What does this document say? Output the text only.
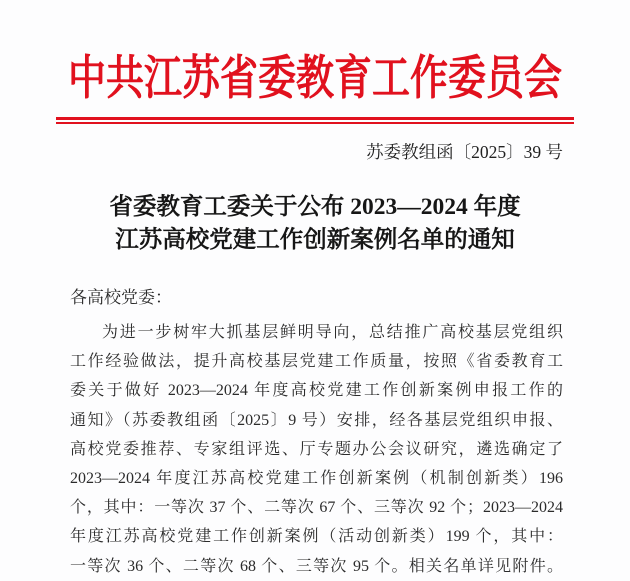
中共江苏省委教育工作委员会
苏委教组函〔2025〕39 号
省委教育工委关于公布 2023—2024 年度
江苏高校党建工作创新案例名单的通知
各高校党委：
为进一步树牢大抓基层鲜明导向，总结推广高校基层党组织
工作经验做法，提升高校基层党建工作质量，按照《省委教育工
委关于做好 2023—2024 年度高校党建工作创新案例申报工作的
通知》（苏委教组函〔2025〕9 号）安排，经各基层党组织申报、
高校党委推荐、专家组评选、厅专题办公会议研究，遴选确定了
2023—2024 年度江苏高校党建工作创新案例（机制创新类）196
个，其中：一等次 37 个、二等次 67 个、三等次 92 个；2023—2024
年度江苏高校党建工作创新案例（活动创新类）199 个，其中：
一等次 36 个、二等次 68 个、三等次 95 个。相关名单详见附件。
